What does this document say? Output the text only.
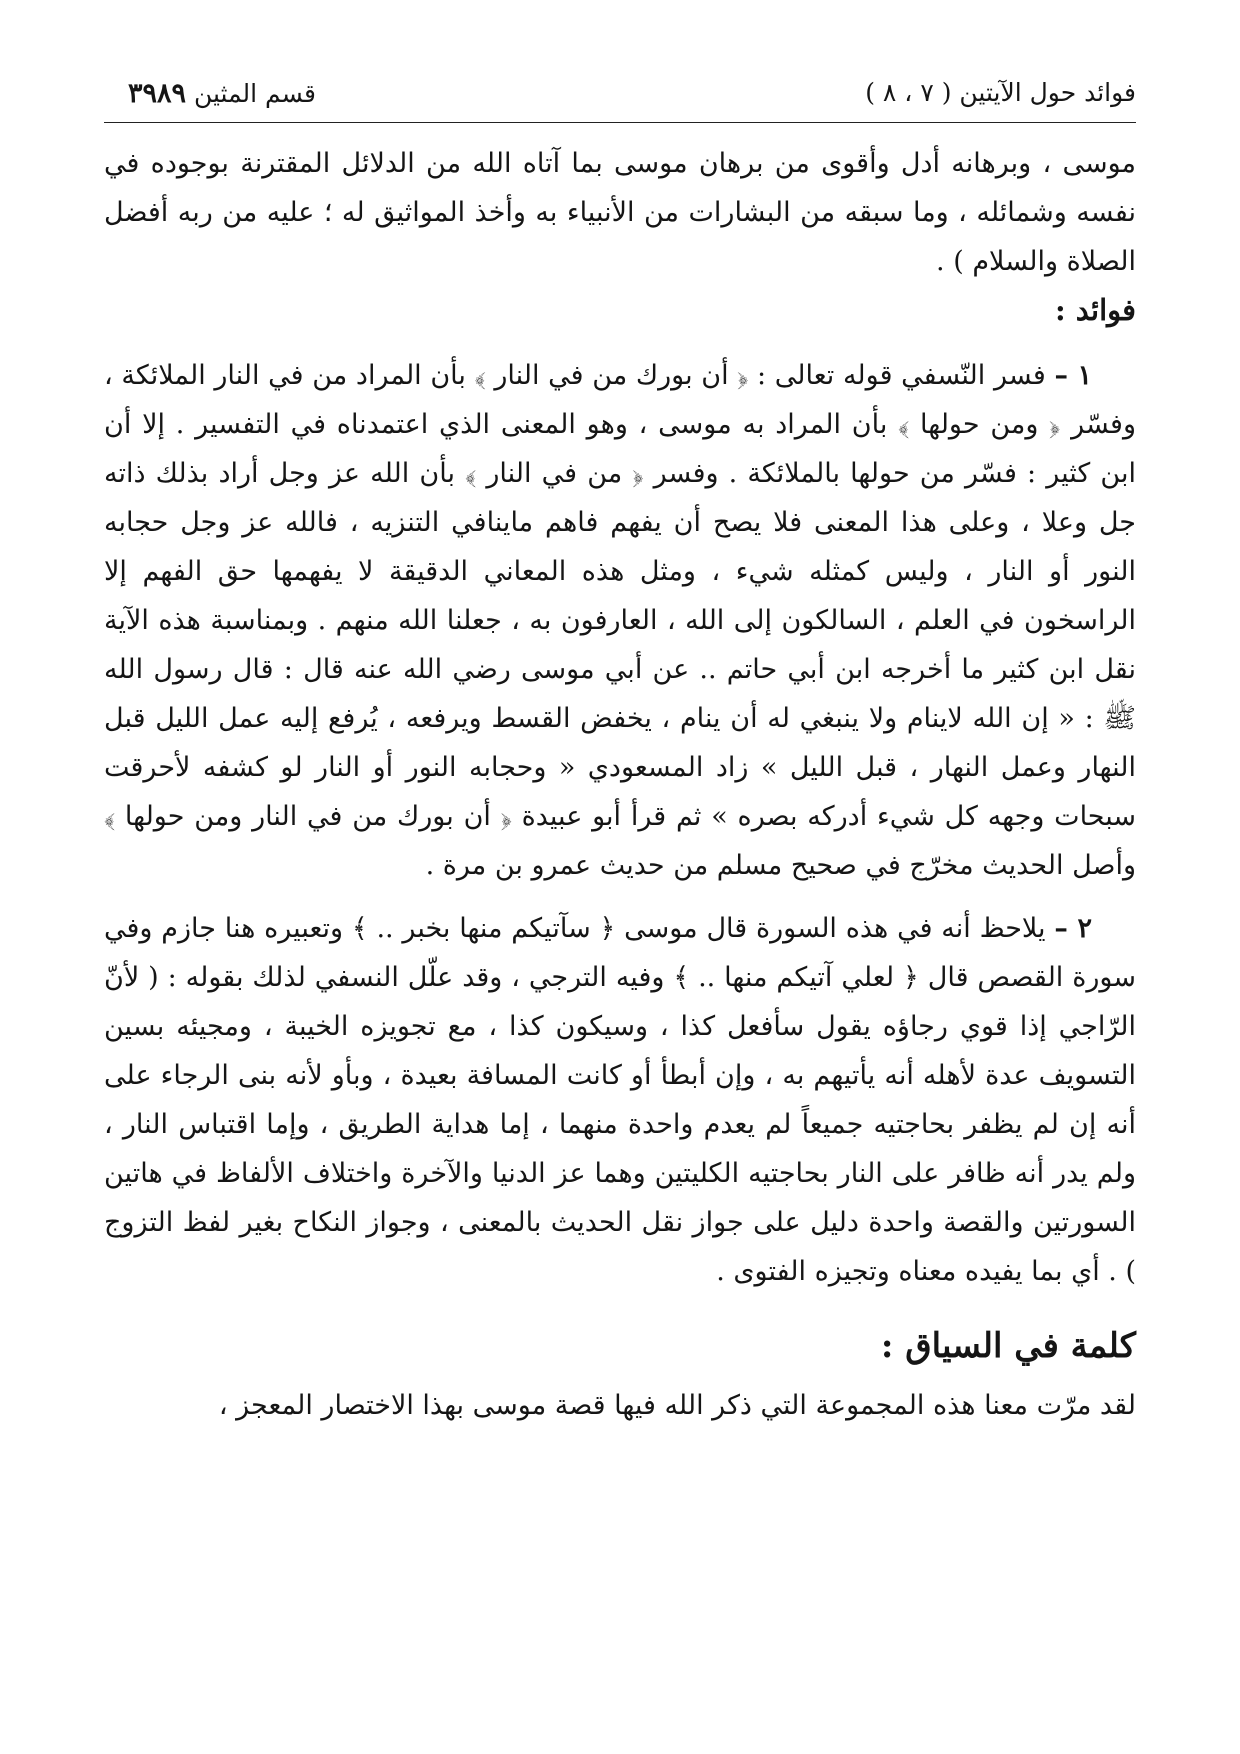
فوائد حول الآيتين ( ٧ ، ٨ )
قسم المثين ٣٩٨٩

موسى ، وبرهانه أدل وأقوى من برهان موسى بما آتاه الله من الدلائل المقترنة بوجوده في نفسه وشمائله ، وما سبقه من البشارات من الأنبياء به وأخذ المواثيق له ؛ عليه من ربه أفضل الصلاة والسلام ) .

فوائد :

١ – فسر النّسفي قوله تعالى : ﴿ أن بورك من في النار ﴾ بأن المراد من في النار الملائكة ، وفسّر ﴿ ومن حولها ﴾ بأن المراد به موسى ، وهو المعنى الذي اعتمدناه في التفسير . إلا أن ابن كثير : فسّر من حولها بالملائكة . وفسر ﴿ من في النار ﴾ بأن الله عز وجل أراد بذلك ذاته جل وعلا ، وعلى هذا المعنى فلا يصح أن يفهم فاهم ماينافي التنزيه ، فالله عز وجل حجابه النور أو النار ، وليس كمثله شيء ، ومثل هذه المعاني الدقيقة لا يفهمها حق الفهم إلا الراسخون في العلم ، السالكون إلى الله ، العارفون به ، جعلنا الله منهم . وبمناسبة هذه الآية نقل ابن كثير ما أخرجه ابن أبي حاتم .. عن أبي موسى رضي الله عنه قال : قال رسول الله ﷺ : « إن الله لاينام ولا ينبغي له أن ينام ، يخفض القسط ويرفعه ، يُرفع إليه عمل الليل قبل النهار وعمل النهار ، قبل الليل » زاد المسعودي « وحجابه النور أو النار لو كشفه لأحرقت سبحات وجهه كل شيء أدركه بصره » ثم قرأ أبو عبيدة ﴿ أن بورك من في النار ومن حولها ﴾ وأصل الحديث مخرّج في صحيح مسلم من حديث عمرو بن مرة .

٢ – يلاحظ أنه في هذه السورة قال موسى ﴿ سآتيكم منها بخبر .. ﴾ وتعبيره هنا جازم وفي سورة القصص قال ﴿ لعلي آتيكم منها .. ﴾ وفيه الترجي ، وقد علّل النسفي لذلك بقوله : ( لأنّ الرّاجي إذا قوي رجاؤه يقول سأفعل كذا ، وسيكون كذا ، مع تجويزه الخيبة ، ومجيئه بسين التسويف عدة لأهله أنه يأتيهم به ، وإن أبطأ أو كانت المسافة بعيدة ، وبأو لأنه بنى الرجاء على أنه إن لم يظفر بحاجتيه جميعاً لم يعدم واحدة منهما ، إما هداية الطريق ، وإما اقتباس النار ، ولم يدر أنه ظافر على النار بحاجتيه الكليتين وهما عز الدنيا والآخرة واختلاف الألفاظ في هاتين السورتين والقصة واحدة دليل على جواز نقل الحديث بالمعنى ، وجواز النكاح بغير لفظ التزوج ) . أي بما يفيده معناه وتجيزه الفتوى .

كلمة في السياق :

لقد مرّت معنا هذه المجموعة التي ذكر الله فيها قصة موسى بهذا الاختصار المعجز ،
